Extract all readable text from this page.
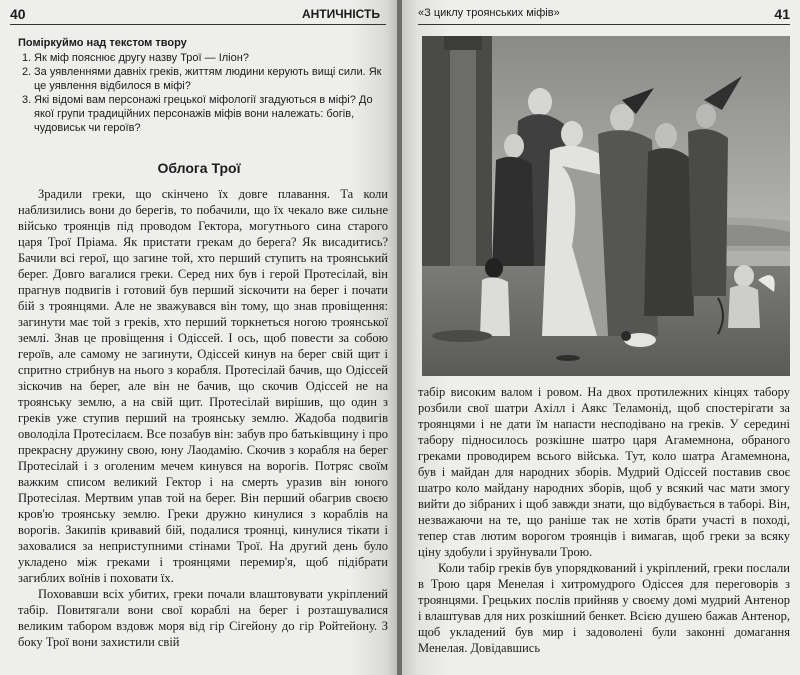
40	АНТИЧНІСТЬ
Поміркуймо над текстом твору
1. Як міф пояснює другу назву Трої — Іліон?
2. За уявленнями давніх греків, життям людини керують вищі сили. Як це уявлення відбилося в міфі?
3. Які відомі вам персонажі грецької міфології згадуються в міфі? До якої групи традиційних персонажів міфів вони належать: богів, чудовиськ чи героїв?
Облога Трої

Зрадили греки, що скінчено їх довге плавання. Та коли наблизились вони до берегів, то побачили, що їх чекало вже сильне військо троянців під проводом Гектора, могутнього сина старого царя Трої Пріама. Як пристати грекам до берега? Як висадитись? Бачили всі герої, що загине той, хто перший ступить на троянський берег. Довго вагалися греки. Серед них був і герой Протесілай, він прагнув подвигів і готовий був перший зіскочити на берег і почати бій з троянцями. Але не зважувався він тому, що знав провіщення: загинути має той з греків, хто перший торкнеться ногою троянської землі. Знав це провіщення і Одіссей. І ось, щоб повести за собою героїв, але самому не загинути, Одіссей кинув на берег свій щит і спритно стрибнув на нього з корабля. Протесілай бачив, що Одіссей зіскочив на берег, але він не бачив, що скочив Одіссей не на троянську землю, а на свій щит. Протесілай вирішив, що один з греків уже ступив перший на троянську землю. Жадоба подвигів оволоділа Протесілаєм. Все позабув він: забув про батьківщину і про прекрасну дружину свою, юну Лаодамію. Скочив з корабля на берег Протесілай і з оголеним мечем кинувся на ворогів. Потряс своїм важким списом великий Гектор і на смерть уразив він юного Протесілая. Мертвим упав той на берег. Він перший обагрив своєю кров'ю троянську землю. Греки дружно кинулися з кораблів на ворогів. Закипів кривавий бій, подалися троянці, кинулися тікати і заховалися за неприступними стінами Трої. На другий день було укладено між греками і троянцями перемир'я, щоб підібрати загиблих воїнів і поховати їх.

Поховавши всіх убитих, греки почали влаштовувати укріплений табір. Повитягали вони свої кораблі на берег і розташувалися великим табором вздовж моря від гір Сігейону до гір Ройтейону. З боку Трої вони захистили свій

«З циклу троянських міфів»	41

табір високим валом і ровом. На двох протилежних кінцях табору розбили свої шатри Ахілл і Аякс Теламонід, щоб спостерігати за троянцями і не дати їм напасти несподівано на греків. У середині табору підносилось розкішне шатро царя Агамемнона, обраного греками проводирем всього війська. Тут, коло шатра Агамемнона, був і майдан для народних зборів. Мудрий Одіссей поставив своє шатро коло майдану народних зборів, щоб у всякий час мати змогу вийти до зібраних і щоб завжди знати, що відбувається в таборі. Він, незважаючи на те, що раніше так не хотів брати участі в поході, тепер став лютим ворогом троянців і вимагав, щоб греки за всяку ціну здобули і зруйнували Трою.

Коли табір греків був упорядкований і укріплений, греки послали в Трою царя Менелая і хитромудрого Одіссея для переговорів з троянцями. Грецьких послів прийняв у своєму домі мудрий Антенор і влаштував для них розкішний бенкет. Всією душею бажав Антенор, щоб укладений був мир і задоволені були законні домагання Менелая. Довідавшись
